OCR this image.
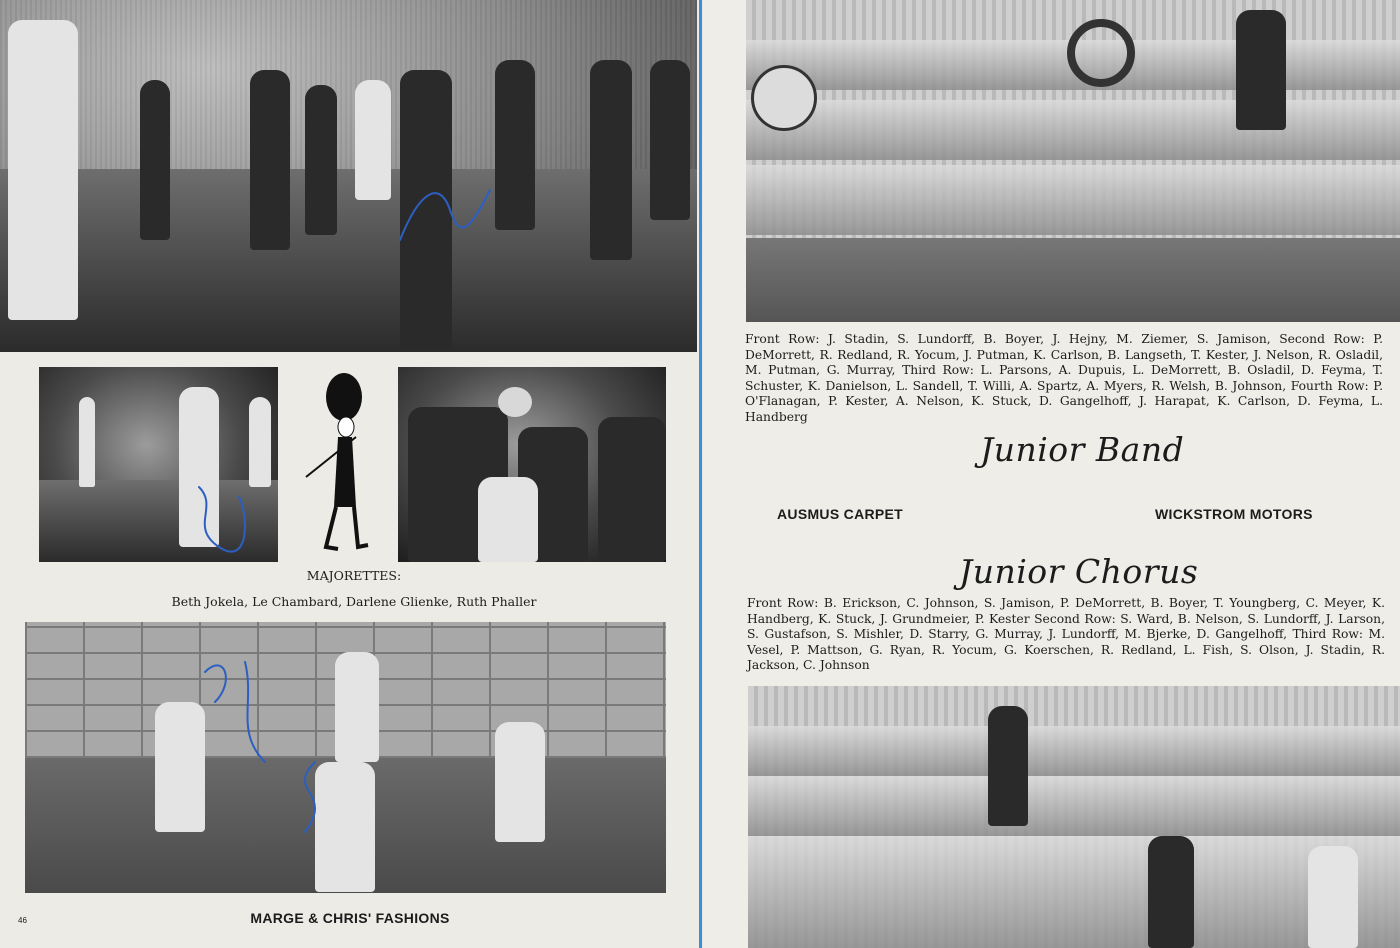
MAJORETTES:
Beth Jokela, Le Chambard, Darlene Glienke, Ruth Phaller
46	MARGE & CHRIS' FASHIONS
Front Row: J. Stadin, S. Lundorff, B. Boyer, J. Hejny, M. Ziemer, S. Jamison, Second Row: P. DeMorrett, R. Redland, R. Yocum, J. Putman, K. Carlson, B. Langseth, T. Kester, J. Nelson, R. Osladil, M. Putman, G. Murray, Third Row: L. Parsons, A. Dupuis, L. DeMorrett, B. Osladil, D. Feyma, T. Schuster, K. Danielson, L. Sandell, T. Willi, A. Spartz, A. Myers, R. Welsh, B. Johnson, Fourth Row: P. O'Flanagan, P. Kester, A. Nelson, K. Stuck, D. Gangelhoff, J. Harapat, K. Carlson, D. Feyma, L. Handberg
Junior Band
AUSMUS CARPET	WICKSTROM MOTORS
Junior Chorus
Front Row: B. Erickson, C. Johnson, S. Jamison, P. DeMorrett, B. Boyer, T. Youngberg, C. Meyer, K. Handberg, K. Stuck, J. Grundmeier, P. Kester Second Row: S. Ward, B. Nelson, S. Lundorff, J. Larson, S. Gustafson, S. Mishler, D. Starry, G. Murray, J. Lundorff, M. Bjerke, D. Gangelhoff, Third Row: M. Vesel, P. Mattson, G. Ryan, R. Yocum, G. Koerschen, R. Redland, L. Fish, S. Olson, J. Stadin, R. Jackson, C. Johnson
